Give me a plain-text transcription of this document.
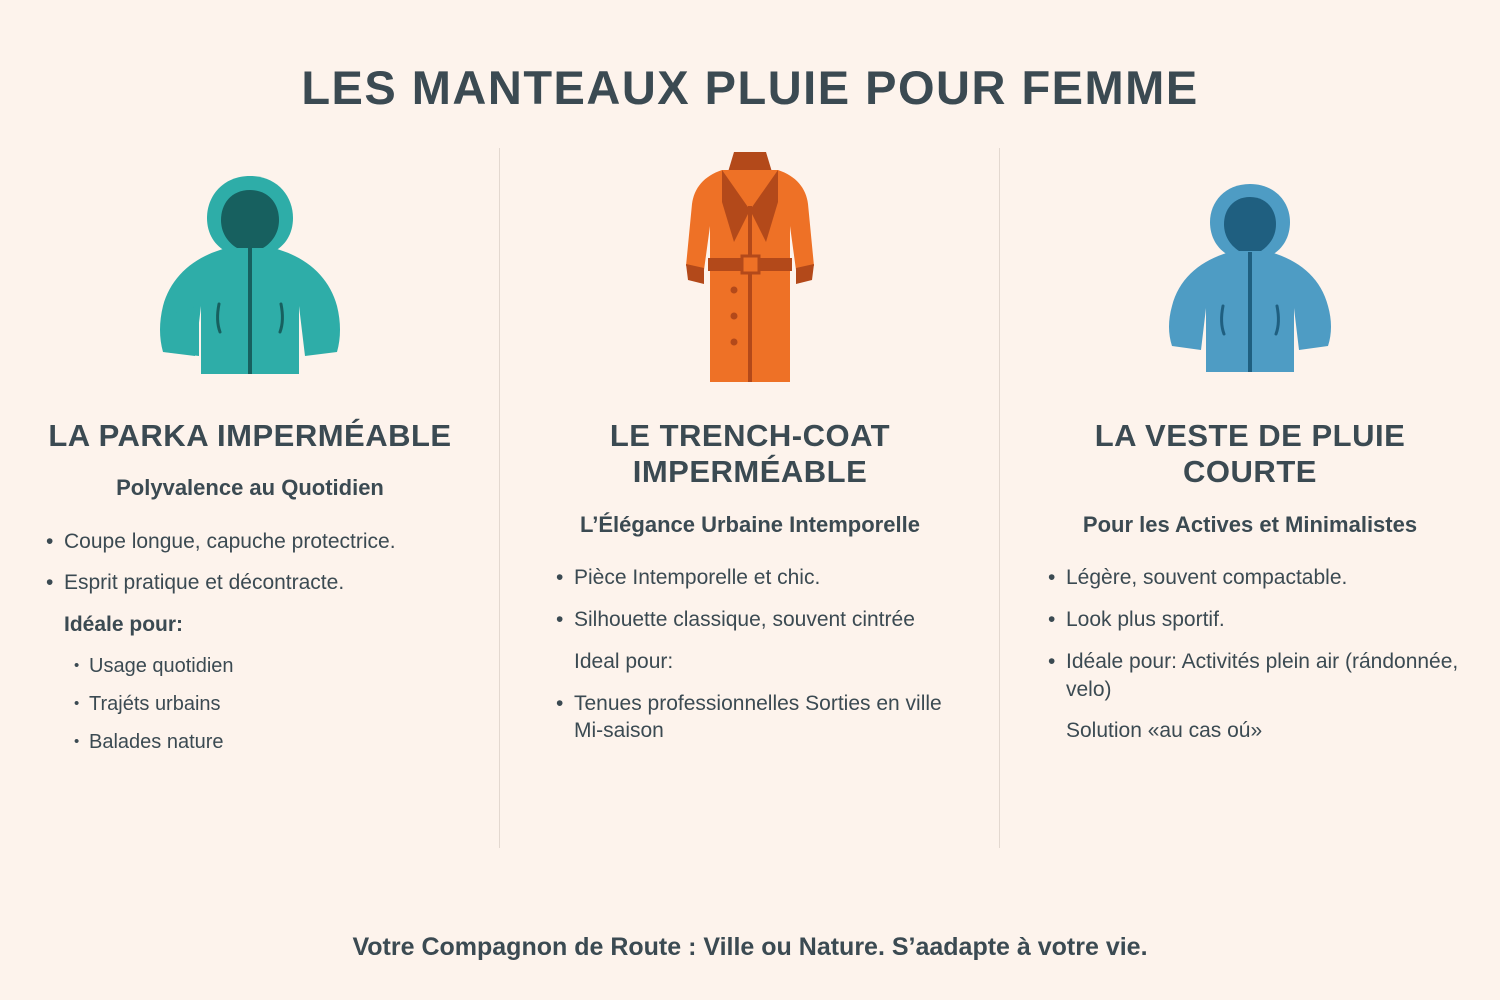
LES MANTEAUX PLUIE POUR FEMME
LA PARKA IMPERMÉABLE
Polyvalence au Quotidien
• Coupe longue, capuche protectrice.
• Esprit pratique et décontracte.
Idéale pour:
• Usage quotidien
• Trajéts urbains
• Balades nature
LE TRENCH-COAT IMPERMÉABLE
L’Élégance Urbaine Intemporelle
• Pièce Intemporelle et chic.
• Silhouette classique, souvent cintrée
Ideal pour:
• Tenues professionnelles Sorties en ville Mi-saison
LA VESTE DE PLUIE COURTE
Pour les Actives et Minimalistes
• Légère, souvent compactable.
• Look plus sportif.
• Idéale pour: Activités plein air (rándonnée, velo)
Solution «au cas oú»
Votre Compagnon de Route : Ville ou Nature. S’aadapte à votre vie.
